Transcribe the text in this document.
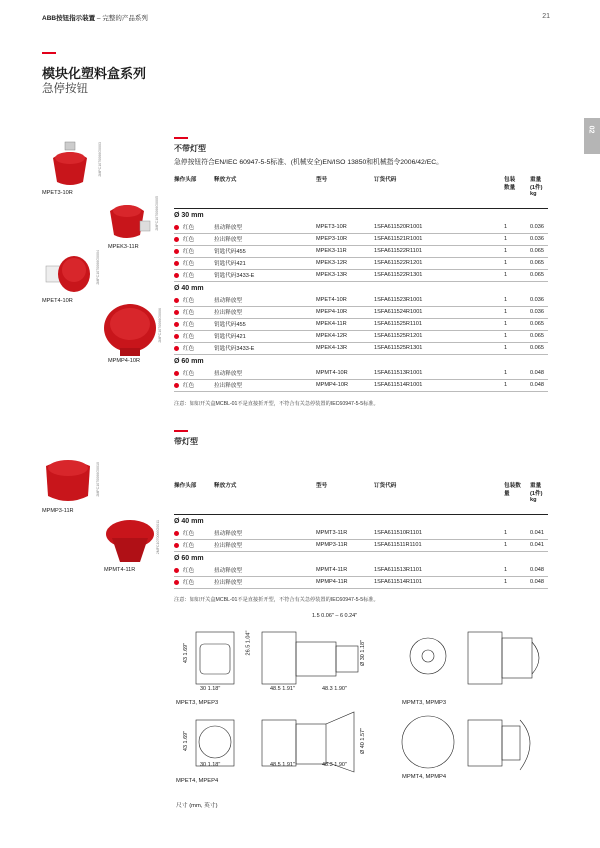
ABB按钮指示装置 – 完整的产品系列	21
02
模块化塑料盒系列
急停按钮
不带灯型
急停按钮符合EN/IEC 60947-5-5标准、(机械安全)EN/ISO 13850和机械指令2006/42/EC。
操作头部	释放方式	型号	订货代码	包装
数量	重量
(1件)
kg
Ø 30 mm					
红色	扭动释放型	MPET3-10R	1SFA611520R1001	1	0.036
红色	拉出释放型	MPEP3-10R	1SFA611521R1001	1	0.036
红色	钥匙代码455	MPEK3-11R	1SFA611522R1101	1	0.065
红色	钥匙代码421	MPEK3-12R	1SFA611522R1201	1	0.065
红色	钥匙代码3433-E	MPEK3-13R	1SFA611522R1301	1	0.065
Ø 40 mm					
红色	扭动释放型	MPET4-10R	1SFA611523R1001	1	0.036
红色	拉出释放型	MPEP4-10R	1SFA611524R1001	1	0.036
红色	钥匙代码455	MPEK4-11R	1SFA611525R1101	1	0.065
红色	钥匙代码421	MPEK4-12R	1SFA611525R1201	1	0.065
红色	钥匙代码3433-E	MPEK4-13R	1SFA611525R1301	1	0.065
Ø 60 mm					
红色	扭动释放型	MPMT4-10R	1SFA611513R1001	1	0.048
红色	拉出释放型	MPMP4-10R	1SFA611514R1001	1	0.048
注意：如如开关盒MCBL-01不是直接折开型，不符合有关急停装置的IEC60947-5-5标准。
带灯型
操作头部	释放方式	型号	订货代码	包装数
量	重量
(1件)
kg
Ø 40 mm					
红色	扭动释放型	MPMT3-11R	1SFA611510R1101	1	0.041
红色	拉出释放型	MPMP3-11R	1SFA611511R1101	1	0.041
Ø 60 mm					
红色	扭动释放型	MPMT4-11R	1SFA611513R1101	1	0.048
红色	拉出释放型	MPMP4-11R	1SFA611514R1101	1	0.048
注意：如如开关盒MCBL-01不是直接折开型，不符合有关急停装置的IEC60947-5-5标准。
2MFC1070066G0003
MPET3-10R
2MFC1070066G0005
MPEK3-11R
2MFC1070066G0004
MPET4-10R
2MFC1070066G0006
MPMP4-10R
2MFC1070066G0010
MPMP3-11R
2MFC1070066G0011
MPMT4-11R
1.5 0.06" – 6 0.24"
43 1.69"	26.5 1.04"
30 1.18"	48.5 1.91"	48.3 1.90"
Ø 30 1.18"
43 1.69"
30 1.18"	48.5 1.91"	48.3 1.90"
Ø 40 1.57"
MPET3, MPEP3	MPMT3, MPMP3
MPET4, MPEP4
MPMT4, MPMP4
尺寸 (mm, 英寸)
